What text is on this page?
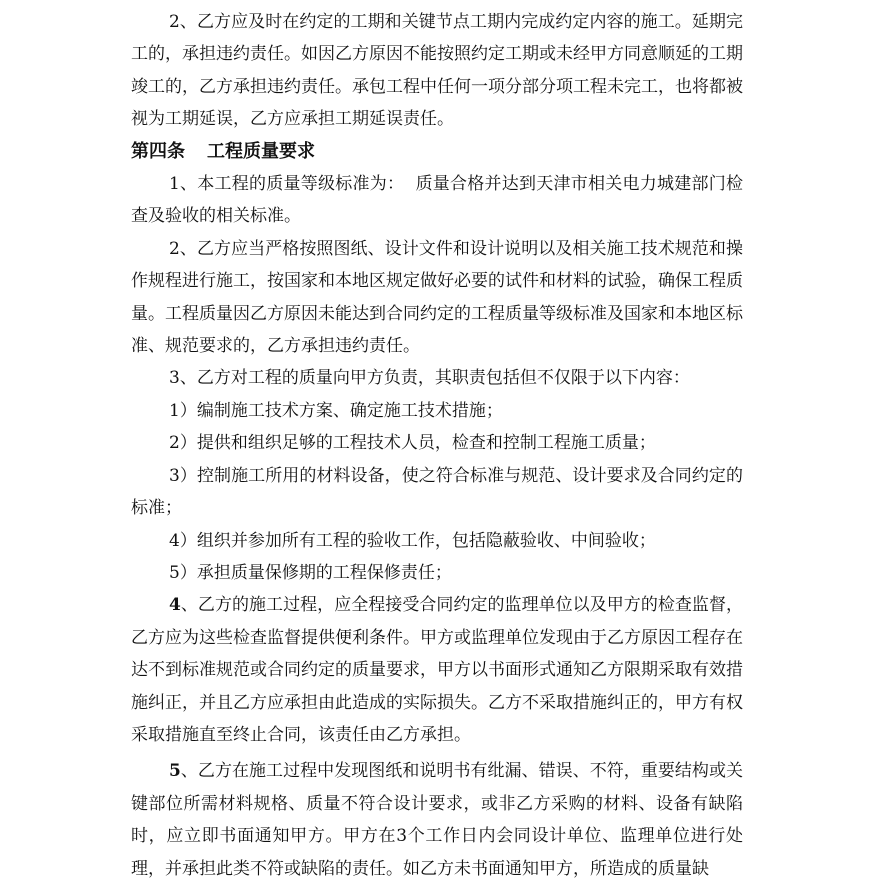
2、乙方应及时在约定的工期和关键节点工期内完成约定内容的施工。延期完工的，承担违约责任。如因乙方原因不能按照约定工期或未经甲方同意顺延的工期竣工的，乙方承担违约责任。承包工程中任何一项分部分项工程未完工，也将都被视为工期延误，乙方应承担工期延误责任。

第四条 工程质量要求

1、本工程的质量等级标准为：  质量合格并达到天津市相关电力城建部门检查及验收的相关标准。

2、乙方应当严格按照图纸、设计文件和设计说明以及相关施工技术规范和操作规程进行施工，按国家和本地区规定做好必要的试件和材料的试验，确保工程质量。工程质量因乙方原因未能达到合同约定的工程质量等级标准及国家和本地区标准、规范要求的，乙方承担违约责任。

3、乙方对工程的质量向甲方负责，其职责包括但不仅限于以下内容：

1）编制施工技术方案、确定施工技术措施；

2）提供和组织足够的工程技术人员，检查和控制工程施工质量；

3）控制施工所用的材料设备，使之符合标准与规范、设计要求及合同约定的标准；

4）组织并参加所有工程的验收工作，包括隐蔽验收、中间验收；

5）承担质量保修期的工程保修责任；

4、乙方的施工过程，应全程接受合同约定的监理单位以及甲方的检查监督，乙方应为这些检查监督提供便利条件。甲方或监理单位发现由于乙方原因工程存在达不到标准规范或合同约定的质量要求，甲方以书面形式通知乙方限期采取有效措施纠正，并且乙方应承担由此造成的实际损失。乙方不采取措施纠正的，甲方有权采取措施直至终止合同，该责任由乙方承担。

5、乙方在施工过程中发现图纸和说明书有纰漏、错误、不符，重要结构或关键部位所需材料规格、质量不符合设计要求，或非乙方采购的材料、设备有缺陷时，应立即书面通知甲方。甲方在3个工作日内会同设计单位、监理单位进行处理，并承担此类不符或缺陷的责任。如乙方未书面通知甲方，所造成的质量缺
